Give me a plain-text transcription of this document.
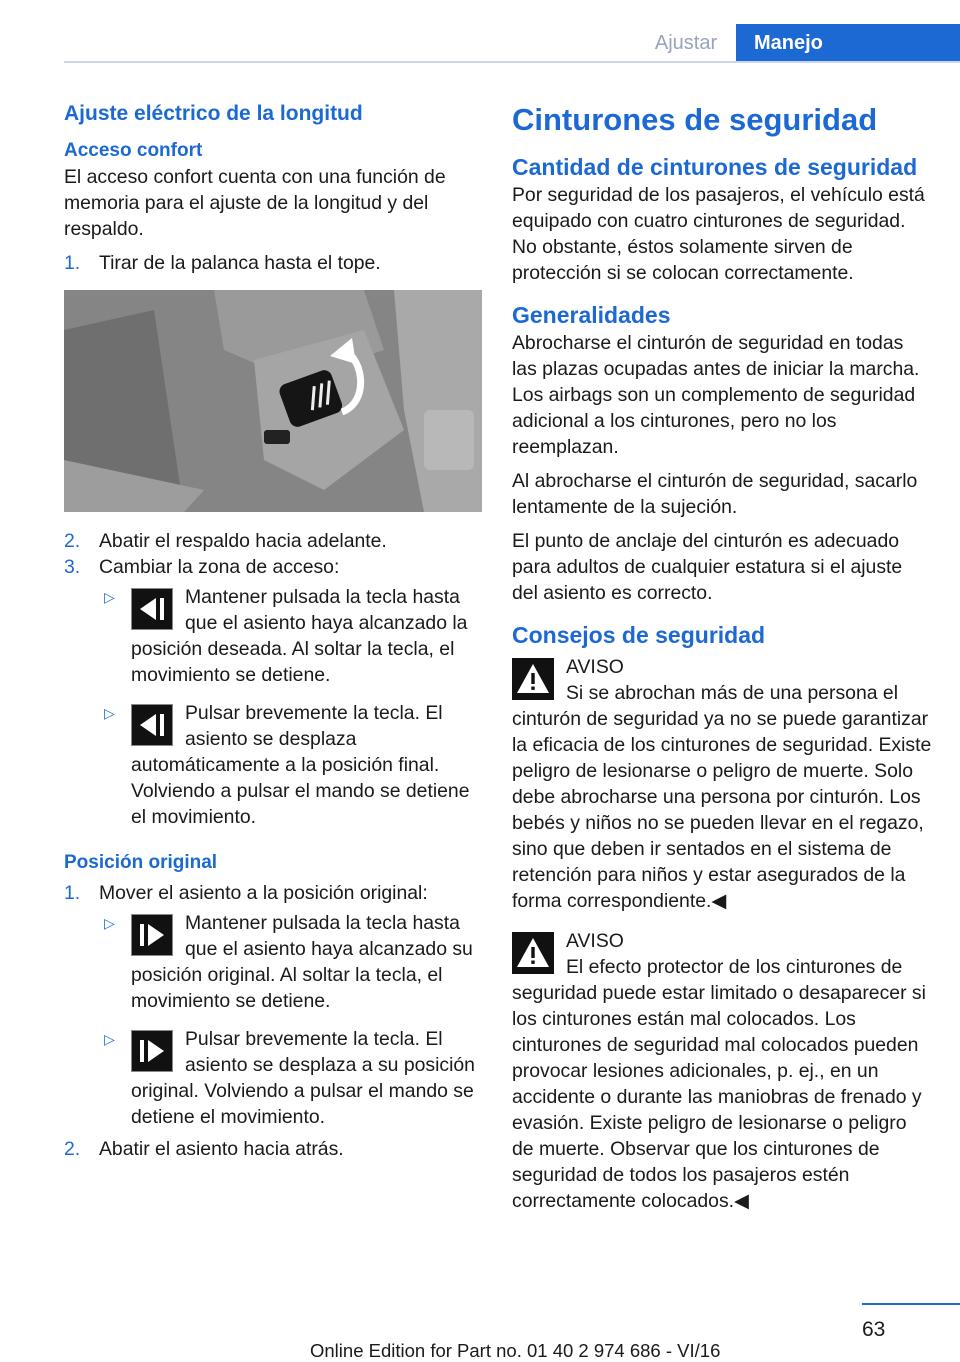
Ajustar	Manejo
Ajuste eléctrico de la longitud
Acceso confort

El acceso confort cuenta con una función de memoria para el ajuste de la longitud y del respaldo.

1. Tirar de la palanca hasta el tope.
2. Abatir el respaldo hacia adelante.
3. Cambiar la zona de acceso:
▷	Mantener pulsada la tecla hasta que el asiento haya alcanzado la posición deseada. Al soltar la tecla, el movimiento se detiene.
▷	Pulsar brevemente la tecla. El asiento se desplaza automáticamente a la posición final. Volviendo a pulsar el mando se detiene el movimiento.
Posición original
1. Mover el asiento a la posición original:
▷	Mantener pulsada la tecla hasta que el asiento haya alcanzado su posición original. Al soltar la tecla, el movimiento se detiene.
▷	Pulsar brevemente la tecla. El asiento se desplaza a su posición original. Volviendo a pulsar el mando se detiene el movimiento.
2. Abatir el asiento hacia atrás.
Cinturones de seguridad
Cantidad de cinturones de seguridad

Por seguridad de los pasajeros, el vehículo está equipado con cuatro cinturones de seguridad. No obstante, éstos solamente sirven de protección si se colocan correctamente.

Generalidades

Abrocharse el cinturón de seguridad en todas las plazas ocupadas antes de iniciar la marcha. Los airbags son un complemento de seguridad adicional a los cinturones, pero no los reemplazan.

Al abrocharse el cinturón de seguridad, sacarlo lentamente de la sujeción.

El punto de anclaje del cinturón es adecuado para adultos de cualquier estatura si el ajuste del asiento es correcto.

Consejos de seguridad
AVISO
Si se abrochan más de una persona el cinturón de seguridad ya no se puede garantizar la eficacia de los cinturones de seguridad. Existe peligro de lesionarse o peligro de muerte. Solo debe abrocharse una persona por cinturón. Los bebés y niños no se pueden llevar en el regazo, sino que deben ir sentados en el sistema de retención para niños y estar asegurados de la forma correspondiente.◀
AVISO
El efecto protector de los cinturones de seguridad puede estar limitado o desaparecer si los cinturones están mal colocados. Los cinturones de seguridad mal colocados pueden provocar lesiones adicionales, p. ej., en un accidente o durante las maniobras de frenado y evasión. Existe peligro de lesionarse o peligro de muerte. Observar que los cinturones de seguridad de todos los pasajeros estén correctamente colocados.◀
63
Online Edition for Part no. 01 40 2 974 686 - VI/16
